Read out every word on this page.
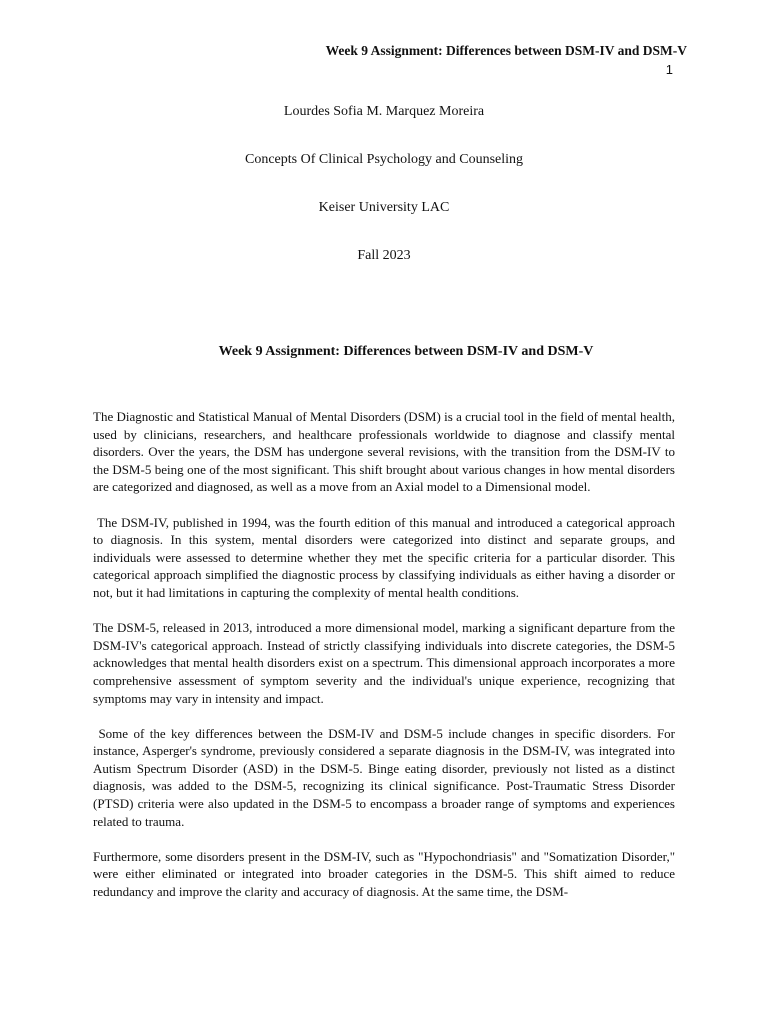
Week 9 Assignment: Differences between DSM-IV and DSM-V
1
Lourdes Sofia M. Marquez Moreira
Concepts Of Clinical Psychology and Counseling
Keiser University LAC
Fall 2023
Week 9 Assignment: Differences between DSM-IV and DSM-V

The Diagnostic and Statistical Manual of Mental Disorders (DSM) is a crucial tool in the field of mental health, used by clinicians, researchers, and healthcare professionals worldwide to diagnose and classify mental disorders. Over the years, the DSM has undergone several revisions, with the transition from the DSM-IV to the DSM-5 being one of the most significant. This shift brought about various changes in how mental disorders are categorized and diagnosed, as well as a move from an Axial model to a Dimensional model.

The DSM-IV, published in 1994, was the fourth edition of this manual and introduced a categorical approach to diagnosis. In this system, mental disorders were categorized into distinct and separate groups, and individuals were assessed to determine whether they met the specific criteria for a particular disorder. This categorical approach simplified the diagnostic process by classifying individuals as either having a disorder or not, but it had limitations in capturing the complexity of mental health conditions.

The DSM-5, released in 2013, introduced a more dimensional model, marking a significant departure from the DSM-IV's categorical approach. Instead of strictly classifying individuals into discrete categories, the DSM-5 acknowledges that mental health disorders exist on a spectrum. This dimensional approach incorporates a more comprehensive assessment of symptom severity and the individual's unique experience, recognizing that symptoms may vary in intensity and impact.

Some of the key differences between the DSM-IV and DSM-5 include changes in specific disorders. For instance, Asperger's syndrome, previously considered a separate diagnosis in the DSM-IV, was integrated into Autism Spectrum Disorder (ASD) in the DSM-5. Binge eating disorder, previously not listed as a distinct diagnosis, was added to the DSM-5, recognizing its clinical significance. Post-Traumatic Stress Disorder (PTSD) criteria were also updated in the DSM-5 to encompass a broader range of symptoms and experiences related to trauma.

Furthermore, some disorders present in the DSM-IV, such as "Hypochondriasis" and "Somatization Disorder," were either eliminated or integrated into broader categories in the DSM-5. This shift aimed to reduce redundancy and improve the clarity and accuracy of diagnosis. At the same time, the DSM-
